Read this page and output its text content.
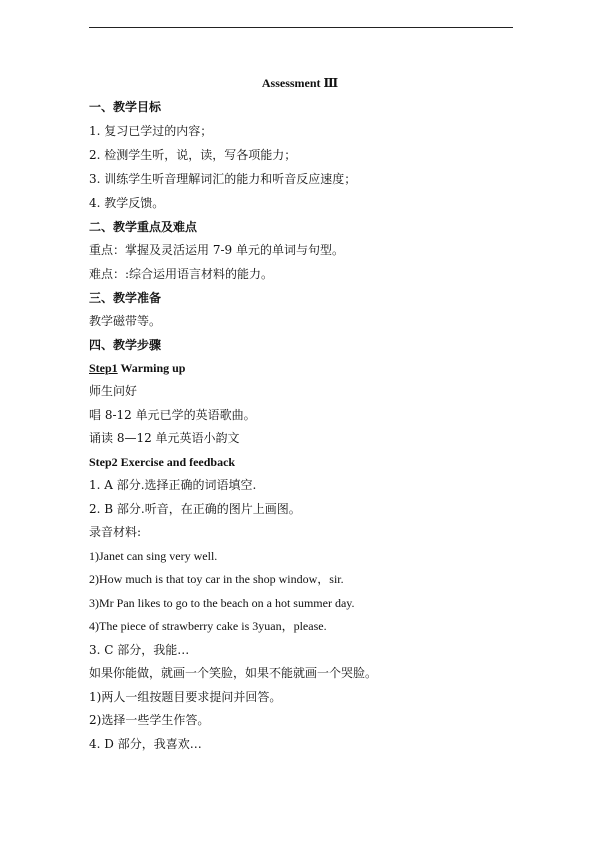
Assessment Ⅲ
一、教学目标
1. 复习已学过的内容；
2. 检测学生听，说，读，写各项能力；
3. 训练学生听音理解词汇的能力和听音反应速度；
4. 教学反馈。
二、教学重点及难点
重点：掌握及灵活运用 7-9 单元的单词与句型。
难点：:综合运用语言材料的能力。
三、教学准备
教学磁带等。
四、教学步骤
Step1 Warming up
师生问好
唱 8-12 单元已学的英语歌曲。
诵读 8—12 单元英语小韵文
Step2 Exercise and feedback
1. A 部分.选择正确的词语填空.
2. B 部分.听音，在正确的图片上画图。
录音材料:
1)Janet can sing very well.
2)How much is that toy car in the shop window，sir.
3)Mr Pan likes to go to the beach on a hot summer day.
4)The piece of strawberry cake is 3yuan，please.
3. C 部分，我能…
如果你能做，就画一个笑脸，如果不能就画一个哭脸。
1)两人一组按题目要求提问并回答。
2)选择一些学生作答。
4. D 部分，我喜欢…
